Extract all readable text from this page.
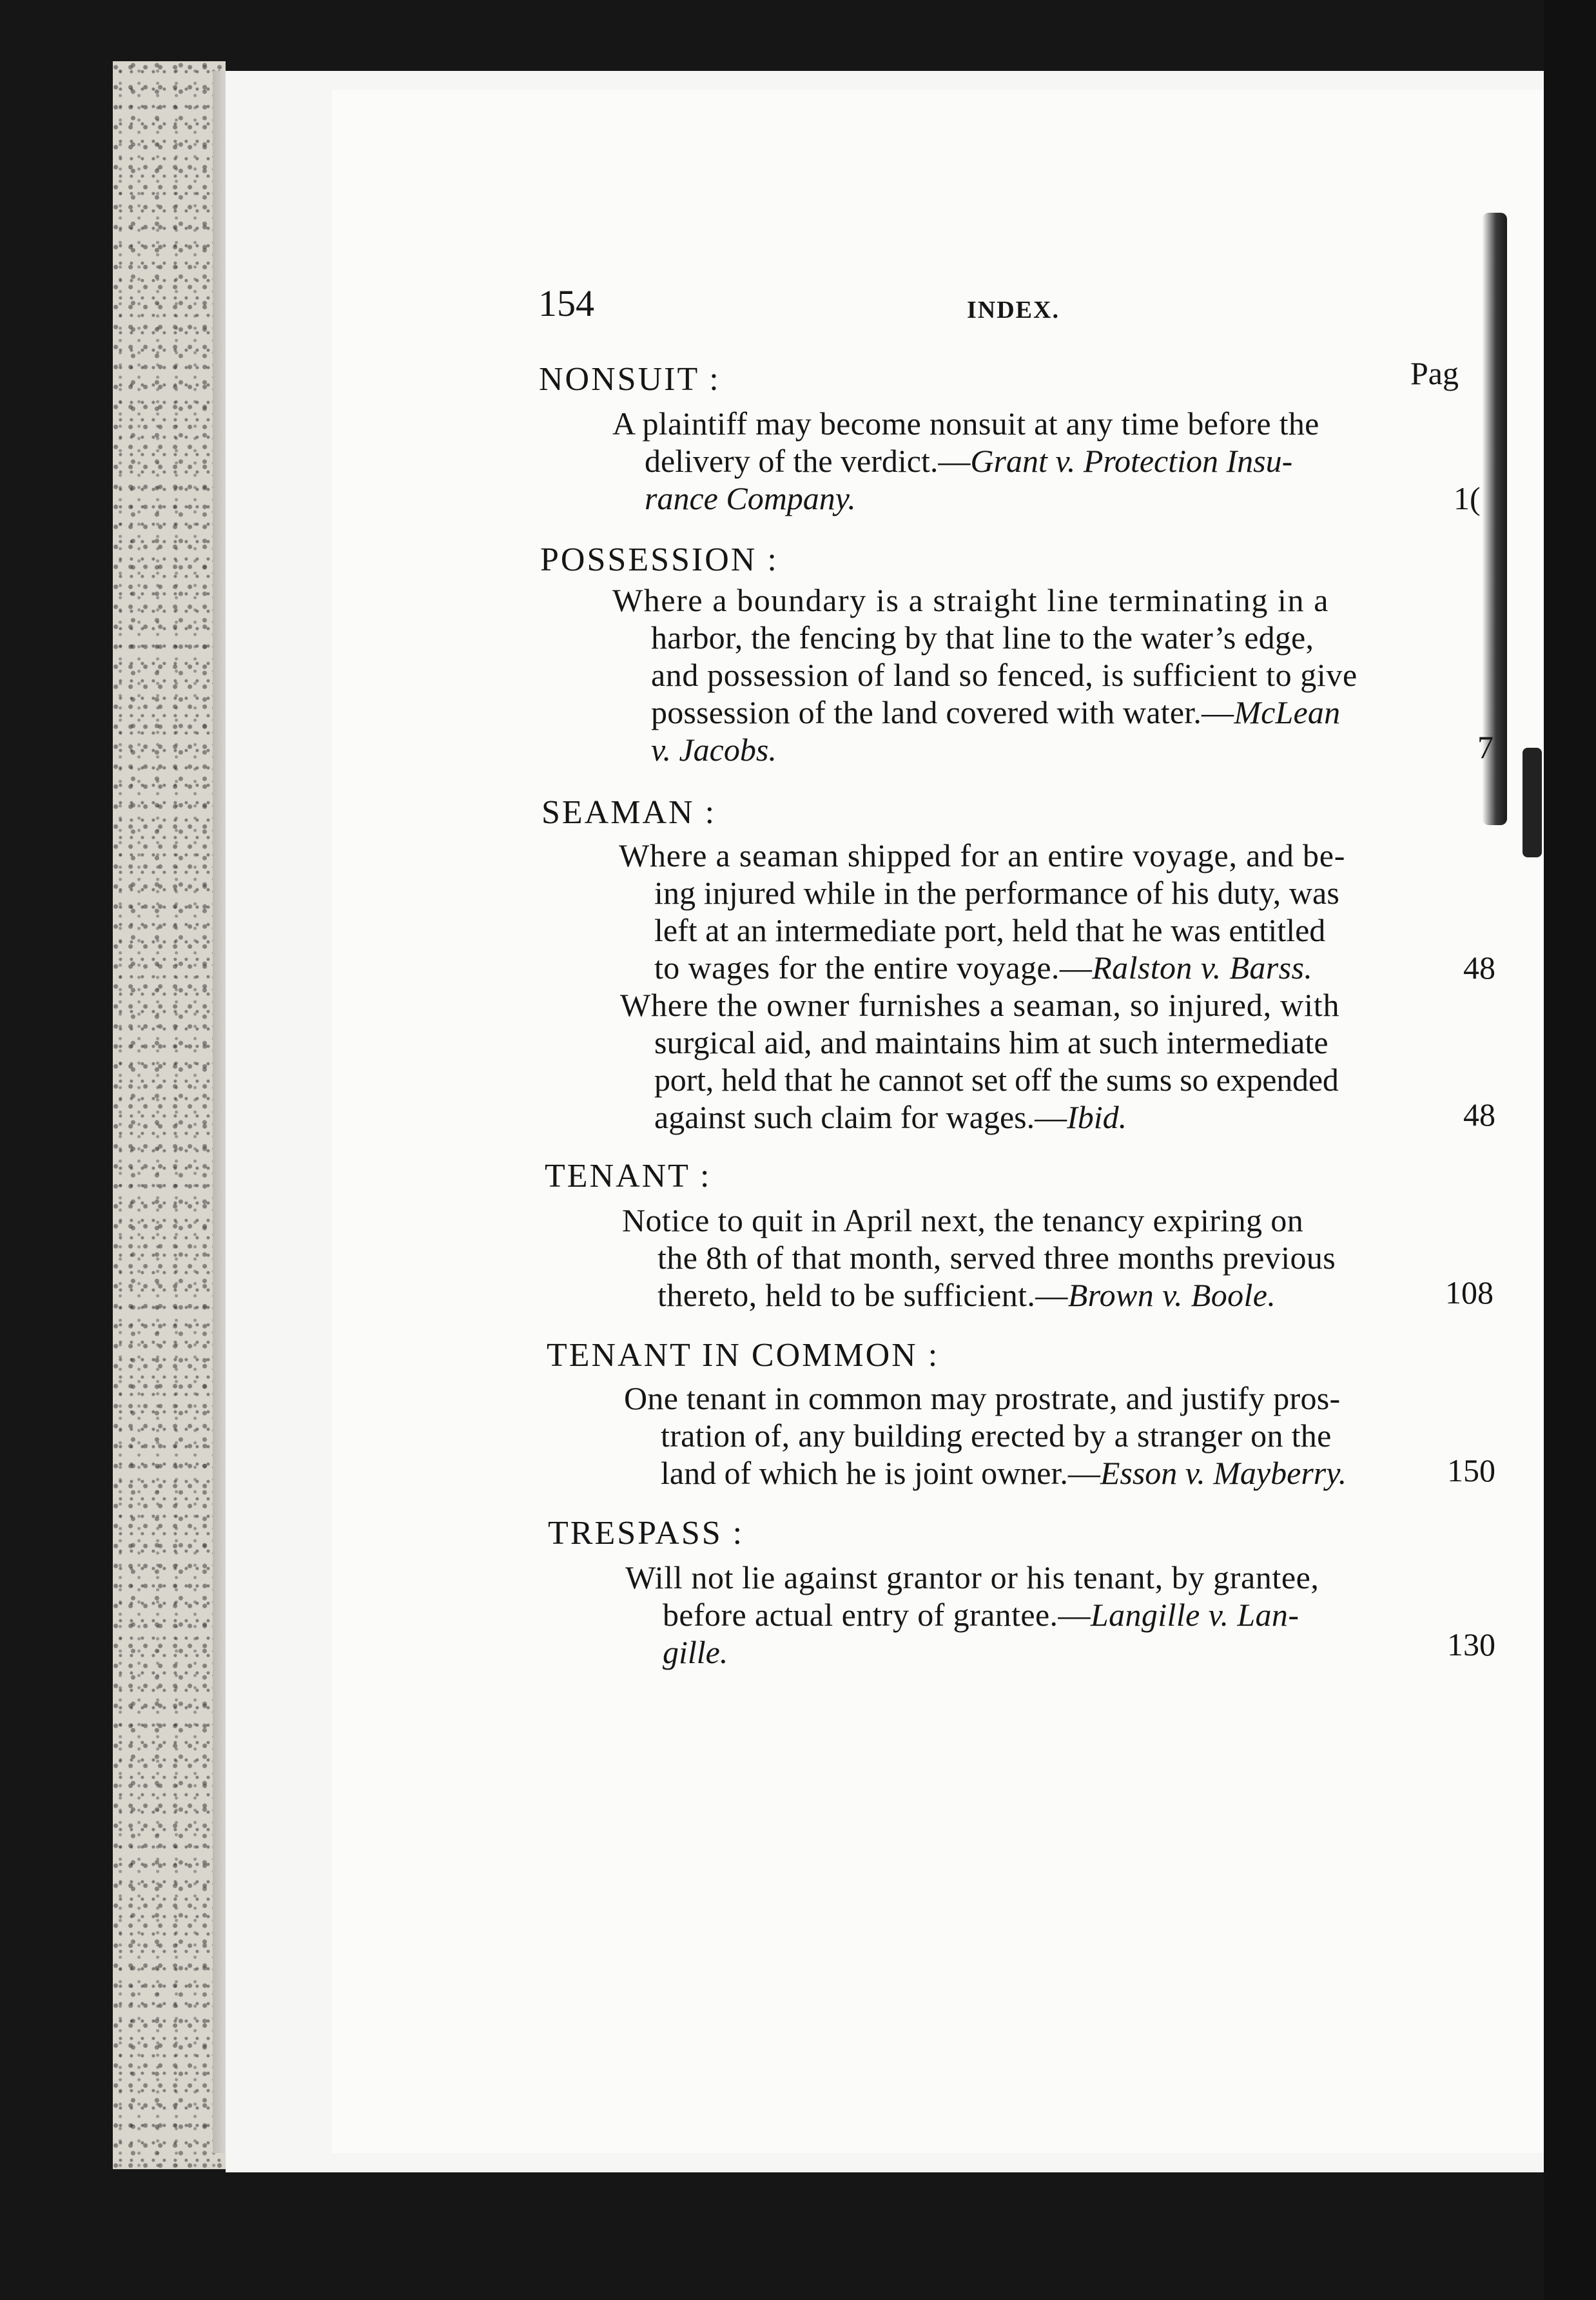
154	INDEX.
Pag
NONSUIT :
A plaintiff may become nonsuit at any time before the
delivery of the verdict.—Grant v. Protection Insu-
rance Company.	1(
POSSESSION :
Where a boundary is a straight line terminating in a
harbor, the fencing by that line to the water’s edge,
and possession of land so fenced, is sufficient to give
possession of the land covered with water.—McLean
v. Jacobs.	7
SEAMAN :
Where a seaman shipped for an entire voyage, and be-
ing injured while in the performance of his duty, was
left at an intermediate port, held that he was entitled
to wages for the entire voyage.—Ralston v. Barss.	48
Where the owner furnishes a seaman, so injured, with
surgical aid, and maintains him at such intermediate
port, held that he cannot set off the sums so expended
against such claim for wages.—Ibid.	48
TENANT :
Notice to quit in April next, the tenancy expiring on
the 8th of that month, served three months previous
thereto, held to be sufficient.—Brown v. Boole.	108
TENANT IN COMMON :
One tenant in common may prostrate, and justify pros-
tration of, any building erected by a stranger on the
land of which he is joint owner.—Esson v. Mayberry.	150
TRESPASS :
Will not lie against grantor or his tenant, by grantee,
before actual entry of grantee.—Langille v. Lan-
gille.	130
